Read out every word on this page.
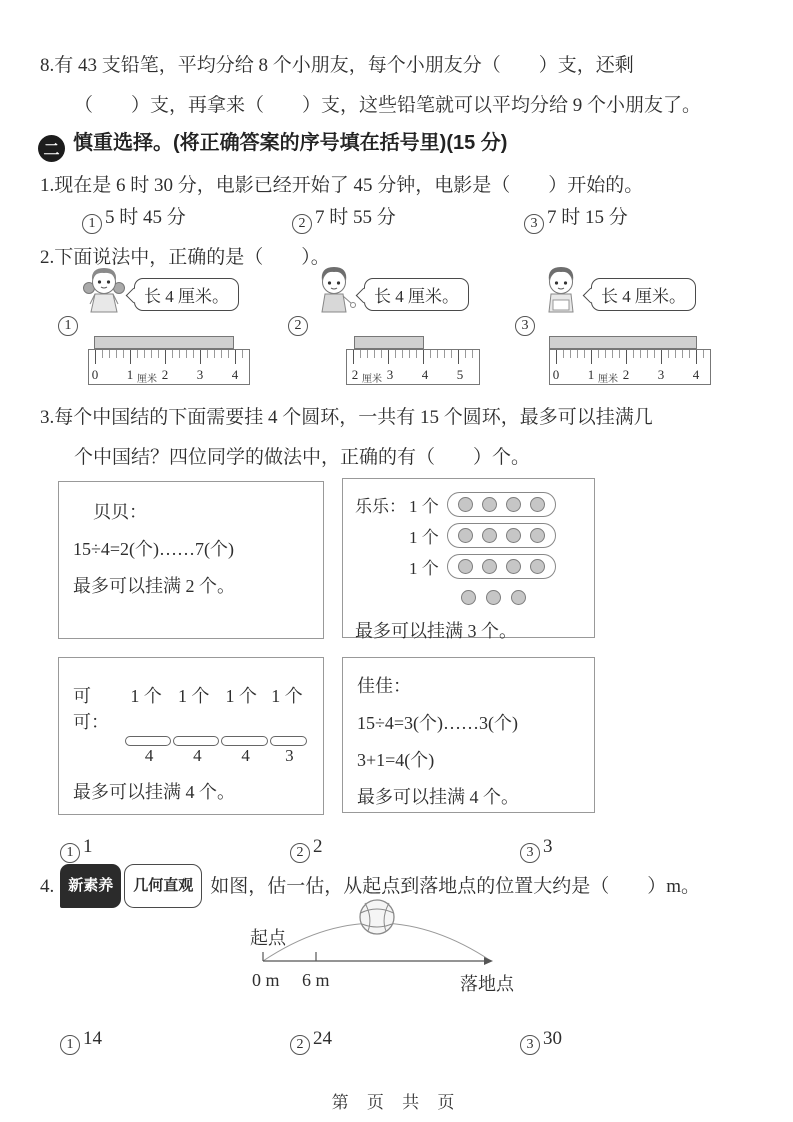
8.有 43 支铅笔，平均分给 8 个小朋友，每个小朋友分（　　）支，还剩
（　　）支，再拿来（　　）支，这些铅笔就可以平均分给 9 个小朋友了。
二 慎重选择。(将正确答案的序号填在括号里)(15 分)
1.现在是 6 时 30 分，电影已经开始了 45 分钟，电影是（　　）开始的。
1 5 时 45 分	2 7 时 55 分	3 7 时 15 分
2.下面说法中，正确的是（　　）。
1
长 4 厘米。
0 1 厘米 2 3 4
2
长 4 厘米。
2 厘米 3 4 5
3
长 4 厘米。
0 1 厘米 2 3 4
3.每个中国结的下面需要挂 4 个圆环，一共有 15 个圆环，最多可以挂满几
个中国结？四位同学的做法中，正确的有（　　）个。
贝贝：
15÷4=2(个)……7(个)
最多可以挂满 2 个。
乐乐： 1 个
1 个
1 个
最多可以挂满 3 个。
可可：
1 个 1 个 1 个 1 个
4	4	4	3
最多可以挂满 4 个。
佳佳：
15÷4=3(个)……3(个)
3+1=4(个)
最多可以挂满 4 个。
1 1	2 2	3 3
4. 新素养 几何直观 如图，估一估，从起点到落地点的位置大约是（　　）m。
起点
0 m 6 m	落地点
1 14	2 24	3 30
第 页 共 页
